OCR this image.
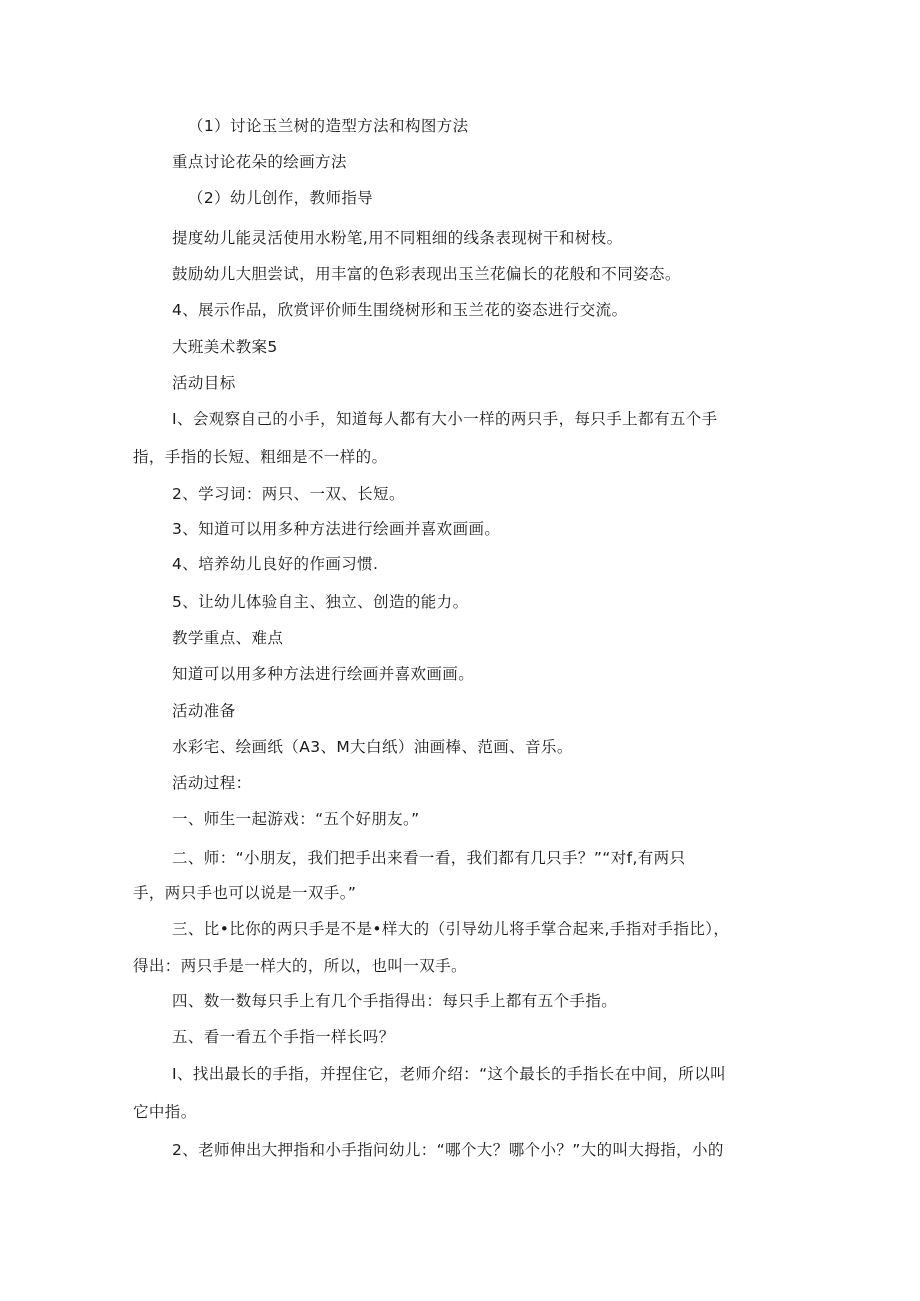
（1）讨论玉兰树的造型方法和构图方法
重点讨论花朵的绘画方法
（2）幼儿创作，教师指导
提度幼儿能灵活使用水粉笔,用不同粗细的线条表现树干和树枝。
鼓励幼儿大胆尝试，用丰富的色彩表现出玉兰花偏长的花般和不同姿态。
4、展示作品，欣赏评价师生围绕树形和玉兰花的姿态进行交流。
大班美术教案5
活动目标
I、会观察自己的小手，知道每人都有大小一样的两只手，每只手上都有五个手
指，手指的长短、粗细是不一样的。
2、学习词：两只、一双、长短。
3、知道可以用多种方法进行绘画并喜欢画画。
4、培养幼儿良好的作画习惯.
5、让幼儿体验自主、独立、创造的能力。
教学重点、难点
知道可以用多种方法进行绘画并喜欢画画。
活动准备
水彩宅、绘画纸（A3、M大白纸）油画棒、范画、音乐。
活动过程：
一、师生一起游戏：“五个好朋友。”
二、师：“小朋友，我们把手出来看一看，我们都有几只手？”“对f,有两只
手，两只手也可以说是一双手。”
三、比•比你的两只手是不是•样大的（引导幼儿将手掌合起来,手指对手指比），
得出：两只手是一样大的，所以，也叫一双手。
四、数一数每只手上有几个手指得出：每只手上都有五个手指。
五、看一看五个手指一样长吗？
I、找出最长的手指，并捏住它，老师介绍：“这个最长的手指长在中间，所以叫
它中指。
2、老师伸出大押指和小手指问幼儿：“哪个大？哪个小？”大的叫大拇指，小的
